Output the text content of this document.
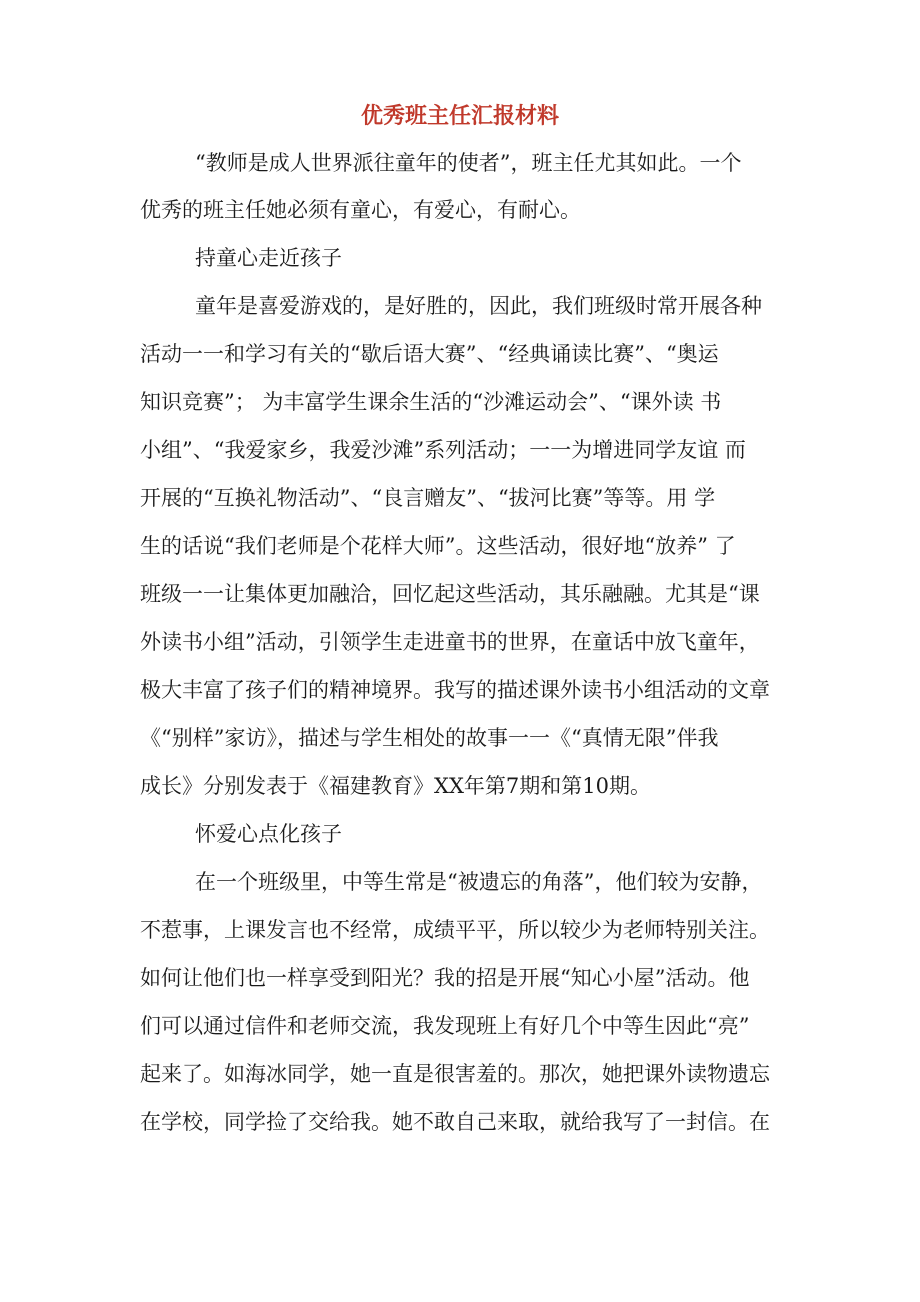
优秀班主任汇报材料
“教师是成人世界派往童年的使者”，班主任尤其如此。一个
优秀的班主任她必须有童心，有爱心，有耐心。
持童心走近孩子
童年是喜爱游戏的，是好胜的，因此，我们班级时常开展各种
活动一一和学习有关的“歇后语大赛”、“经典诵读比赛”、“奥运
知识竞赛”； 为丰富学生课余生活的“沙滩运动会”、“课外读 书
小组”、“我爱家乡，我爱沙滩”系列活动；一一为增进同学友谊 而
开展的“互换礼物活动”、“良言赠友”、“拔河比赛”等等。用 学
生的话说“我们老师是个花样大师”。这些活动，很好地“放养” 了
班级一一让集体更加融洽，回忆起这些活动，其乐融融。尤其是“课
外读书小组”活动，引领学生走进童书的世界，在童话中放飞童年，
极大丰富了孩子们的精神境界。我写的描述课外读书小组活动的文章
《“别样”家访》，描述与学生相处的故事一一《“真情无限”伴我
成长》分别发表于《福建教育》XX年第7期和第10期。
怀爱心点化孩子
在一个班级里，中等生常是“被遗忘的角落”，他们较为安静，
不惹事，上课发言也不经常，成绩平平，所以较少为老师特别关注。
如何让他们也一样享受到阳光？我的招是开展“知心小屋”活动。他
们可以通过信件和老师交流，我发现班上有好几个中等生因此“亮”
起来了。如海冰同学，她一直是很害羞的。那次，她把课外读物遗忘
在学校，同学捡了交给我。她不敢自己来取，就给我写了一封信。在
